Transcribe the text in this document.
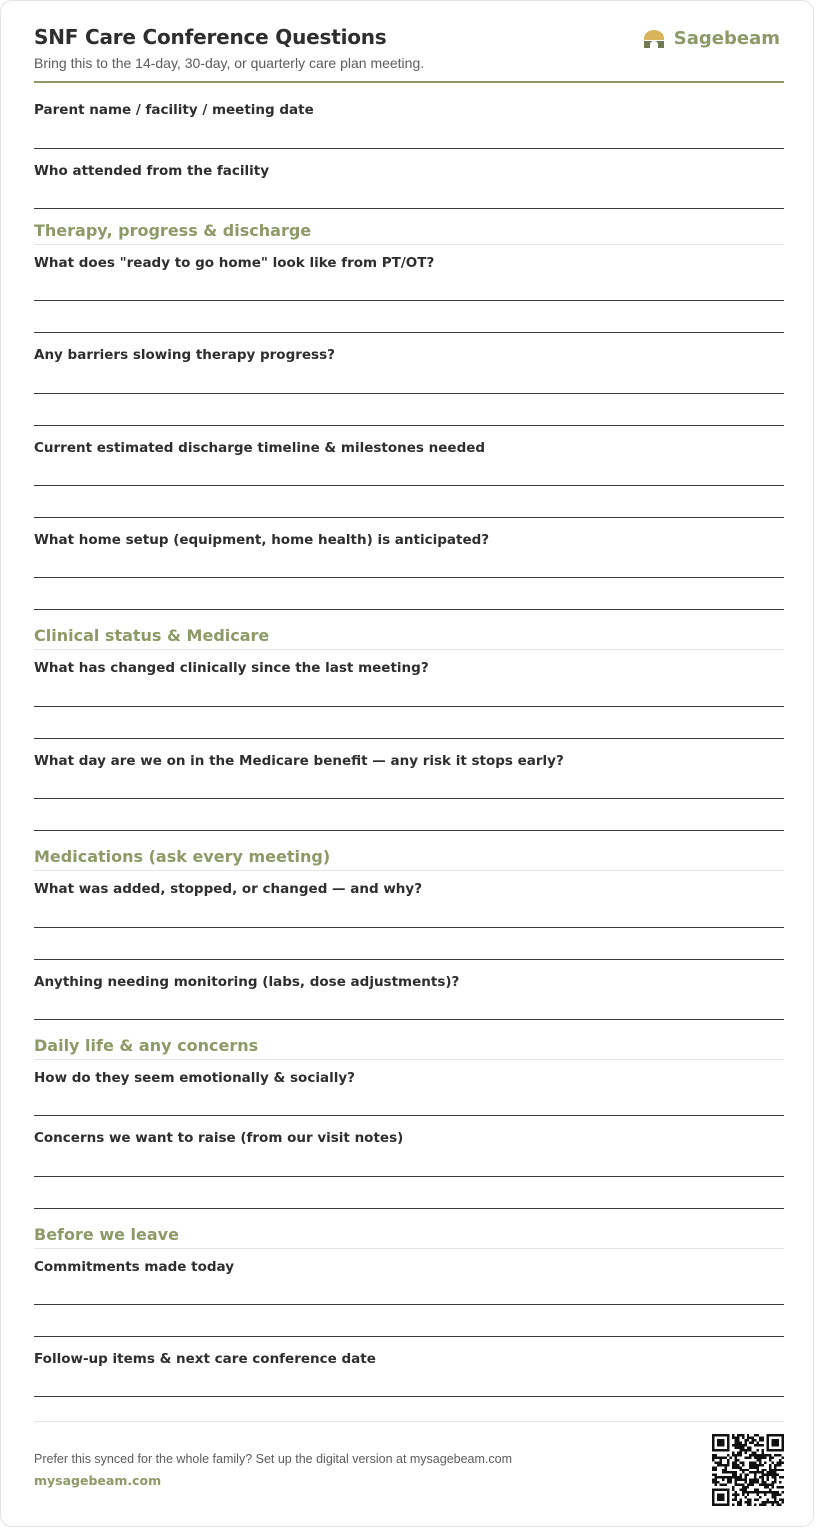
SNF Care Conference Questions
Bring this to the 14-day, 30-day, or quarterly care plan meeting.
Sagebeam
Parent name / facility / meeting date
Who attended from the facility
Therapy, progress & discharge
What does "ready to go home" look like from PT/OT?
Any barriers slowing therapy progress?
Current estimated discharge timeline & milestones needed
What home setup (equipment, home health) is anticipated?
Clinical status & Medicare
What has changed clinically since the last meeting?
What day are we on in the Medicare benefit — any risk it stops early?
Medications (ask every meeting)
What was added, stopped, or changed — and why?
Anything needing monitoring (labs, dose adjustments)?
Daily life & any concerns
How do they seem emotionally & socially?
Concerns we want to raise (from our visit notes)
Before we leave
Commitments made today
Follow-up items & next care conference date
Prefer this synced for the whole family? Set up the digital version at mysagebeam.com
mysagebeam.com
